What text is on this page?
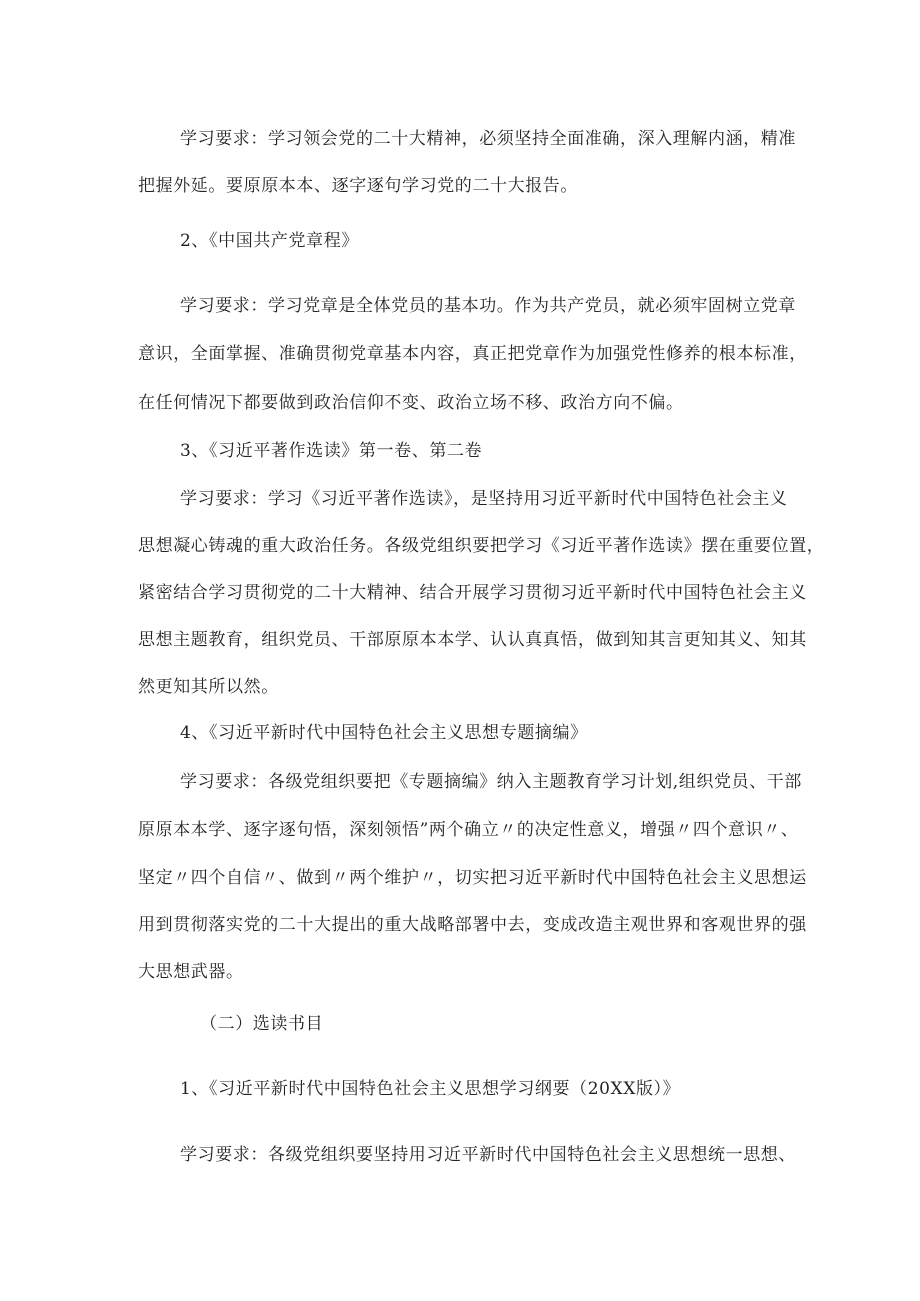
学习要求：学习领会党的二十大精神，必须坚持全面准确，深入理解内涵，精准
把握外延。要原原本本、逐字逐句学习党的二十大报告。
2、《中国共产党章程》
学习要求：学习党章是全体党员的基本功。作为共产党员，就必须牢固树立党章
意识，全面掌握、准确贯彻党章基本内容，真正把党章作为加强党性修养的根本标准，
在任何情况下都要做到政治信仰不变、政治立场不移、政治方向不偏。
3、《习近平著作选读》第一卷、第二卷
学习要求：学习《习近平著作选读》，是坚持用习近平新时代中国特色社会主义
思想凝心铸魂的重大政治任务。各级党组织要把学习《习近平著作选读》摆在重要位置，
紧密结合学习贯彻党的二十大精神、结合开展学习贯彻习近平新时代中国特色社会主义
思想主题教育，组织党员、干部原原本本学、认认真真悟，做到知其言更知其义、知其
然更知其所以然。
4、《习近平新时代中国特色社会主义思想专题摘编》
学习要求：各级党组织要把《专题摘编》纳入主题教育学习计划,组织党员、干部
原原本本学、逐字逐句悟，深刻领悟”两个确立〃的决定性意义，增强〃四个意识〃、
坚定〃四个自信〃、做到〃两个维护〃，切实把习近平新时代中国特色社会主义思想运
用到贯彻落实党的二十大提出的重大战略部署中去，变成改造主观世界和客观世界的强
大思想武器。
（二）选读书目
1、《习近平新时代中国特色社会主义思想学习纲要（20XX版）》
学习要求：各级党组织要坚持用习近平新时代中国特色社会主义思想统一思想、
